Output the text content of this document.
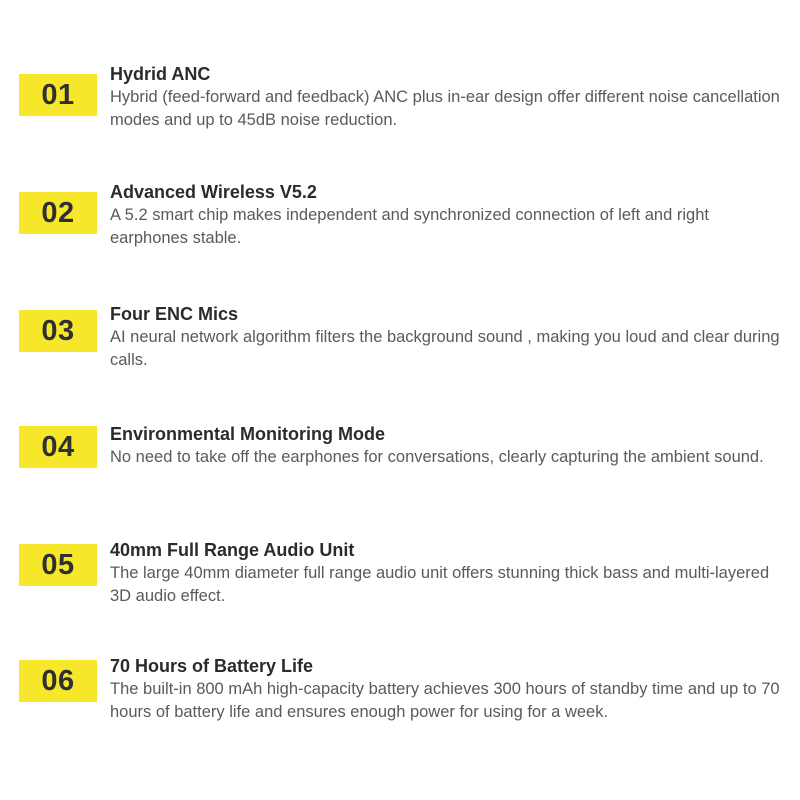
01

Hydrid ANC

Hybrid (feed-forward and feedback) ANC plus in-ear design offer different noise cancellation modes and up to 45dB noise reduction.

02

Advanced Wireless V5.2

A 5.2 smart chip makes independent and synchronized connection of left and right earphones stable.

03

Four ENC Mics

AI neural network algorithm filters the background sound , making you loud and clear during calls.

04 Environmental Monitoring Mode

No need to take off the earphones for conversations, clearly capturing the ambient sound.

05 40mm Full Range Audio Unit

The large 40mm diameter full range audio unit offers stunning thick bass and multi-layered 3D audio effect.

06 70 Hours of Battery Life

The built-in 800 mAh high-capacity battery achieves 300 hours of standby time and up to 70 hours of battery life and ensures enough power for using for a week.
